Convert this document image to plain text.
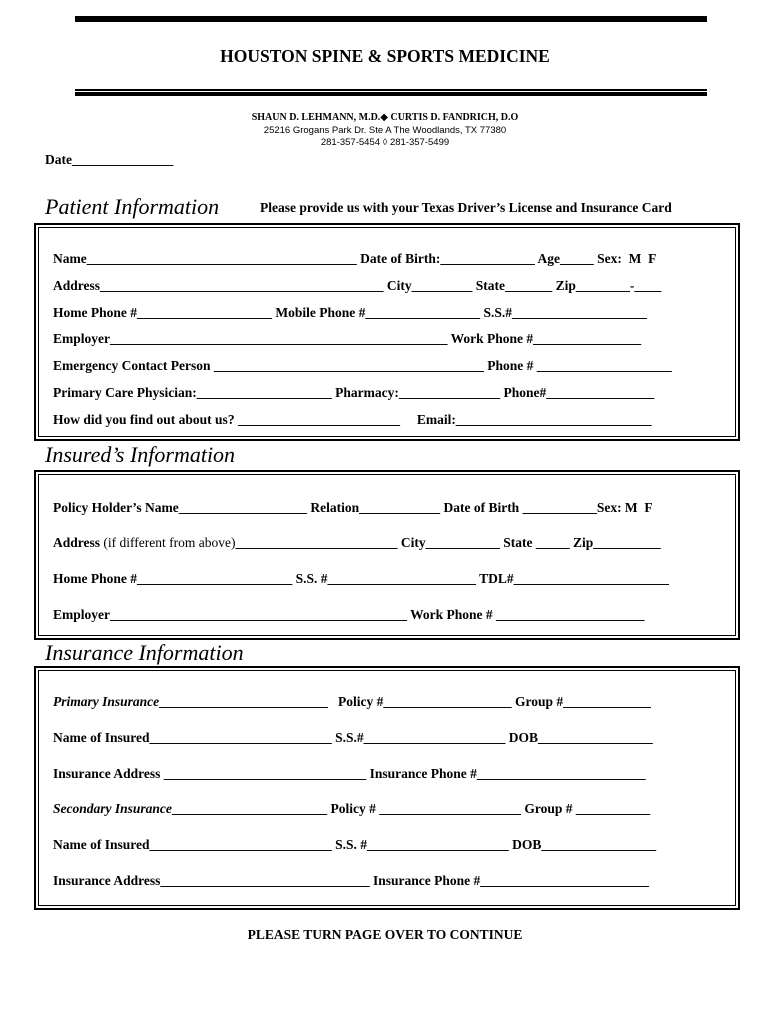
HOUSTON SPINE & SPORTS MEDICINE
SHAUN D. LEHMANN, M.D.◆ CURTIS D. FANDRICH, D.O
25216 Grogans Park Dr. Ste A The Woodlands, TX 77380
281-357-5454 ◊ 281-357-5499
Date_______________
Patient Information	Please provide us with your Texas Driver’s License and Insurance Card
Name________________________________________ Date of Birth:______________ Age_____ Sex:  M  F
Address__________________________________________ City_________ State_______ Zip________-____
Home Phone #____________________ Mobile Phone #_________________ S.S.#____________________
Employer__________________________________________________ Work Phone #________________
Emergency Contact Person ________________________________________ Phone # ____________________
Primary Care Physician:____________________ Pharmacy:_______________ Phone#________________
How did you find out about us? ________________________     Email:_____________________________
Insured’s Information
Policy Holder’s Name___________________ Relation____________ Date of Birth ___________Sex: M  F
Address (if different from above)________________________ City___________ State _____ Zip__________
Home Phone #_______________________ S.S. #______________________ TDL#_______________________
Employer____________________________________________ Work Phone # ______________________
Insurance Information
Primary Insurance_________________________   Policy #___________________ Group #_____________
Name of Insured___________________________ S.S.#_____________________ DOB_________________
Insurance Address ______________________________ Insurance Phone #_________________________
Secondary Insurance_______________________ Policy # _____________________ Group # ___________
Name of Insured___________________________ S.S. #_____________________ DOB_________________
Insurance Address_______________________________ Insurance Phone #_________________________
PLEASE TURN PAGE OVER TO CONTINUE
